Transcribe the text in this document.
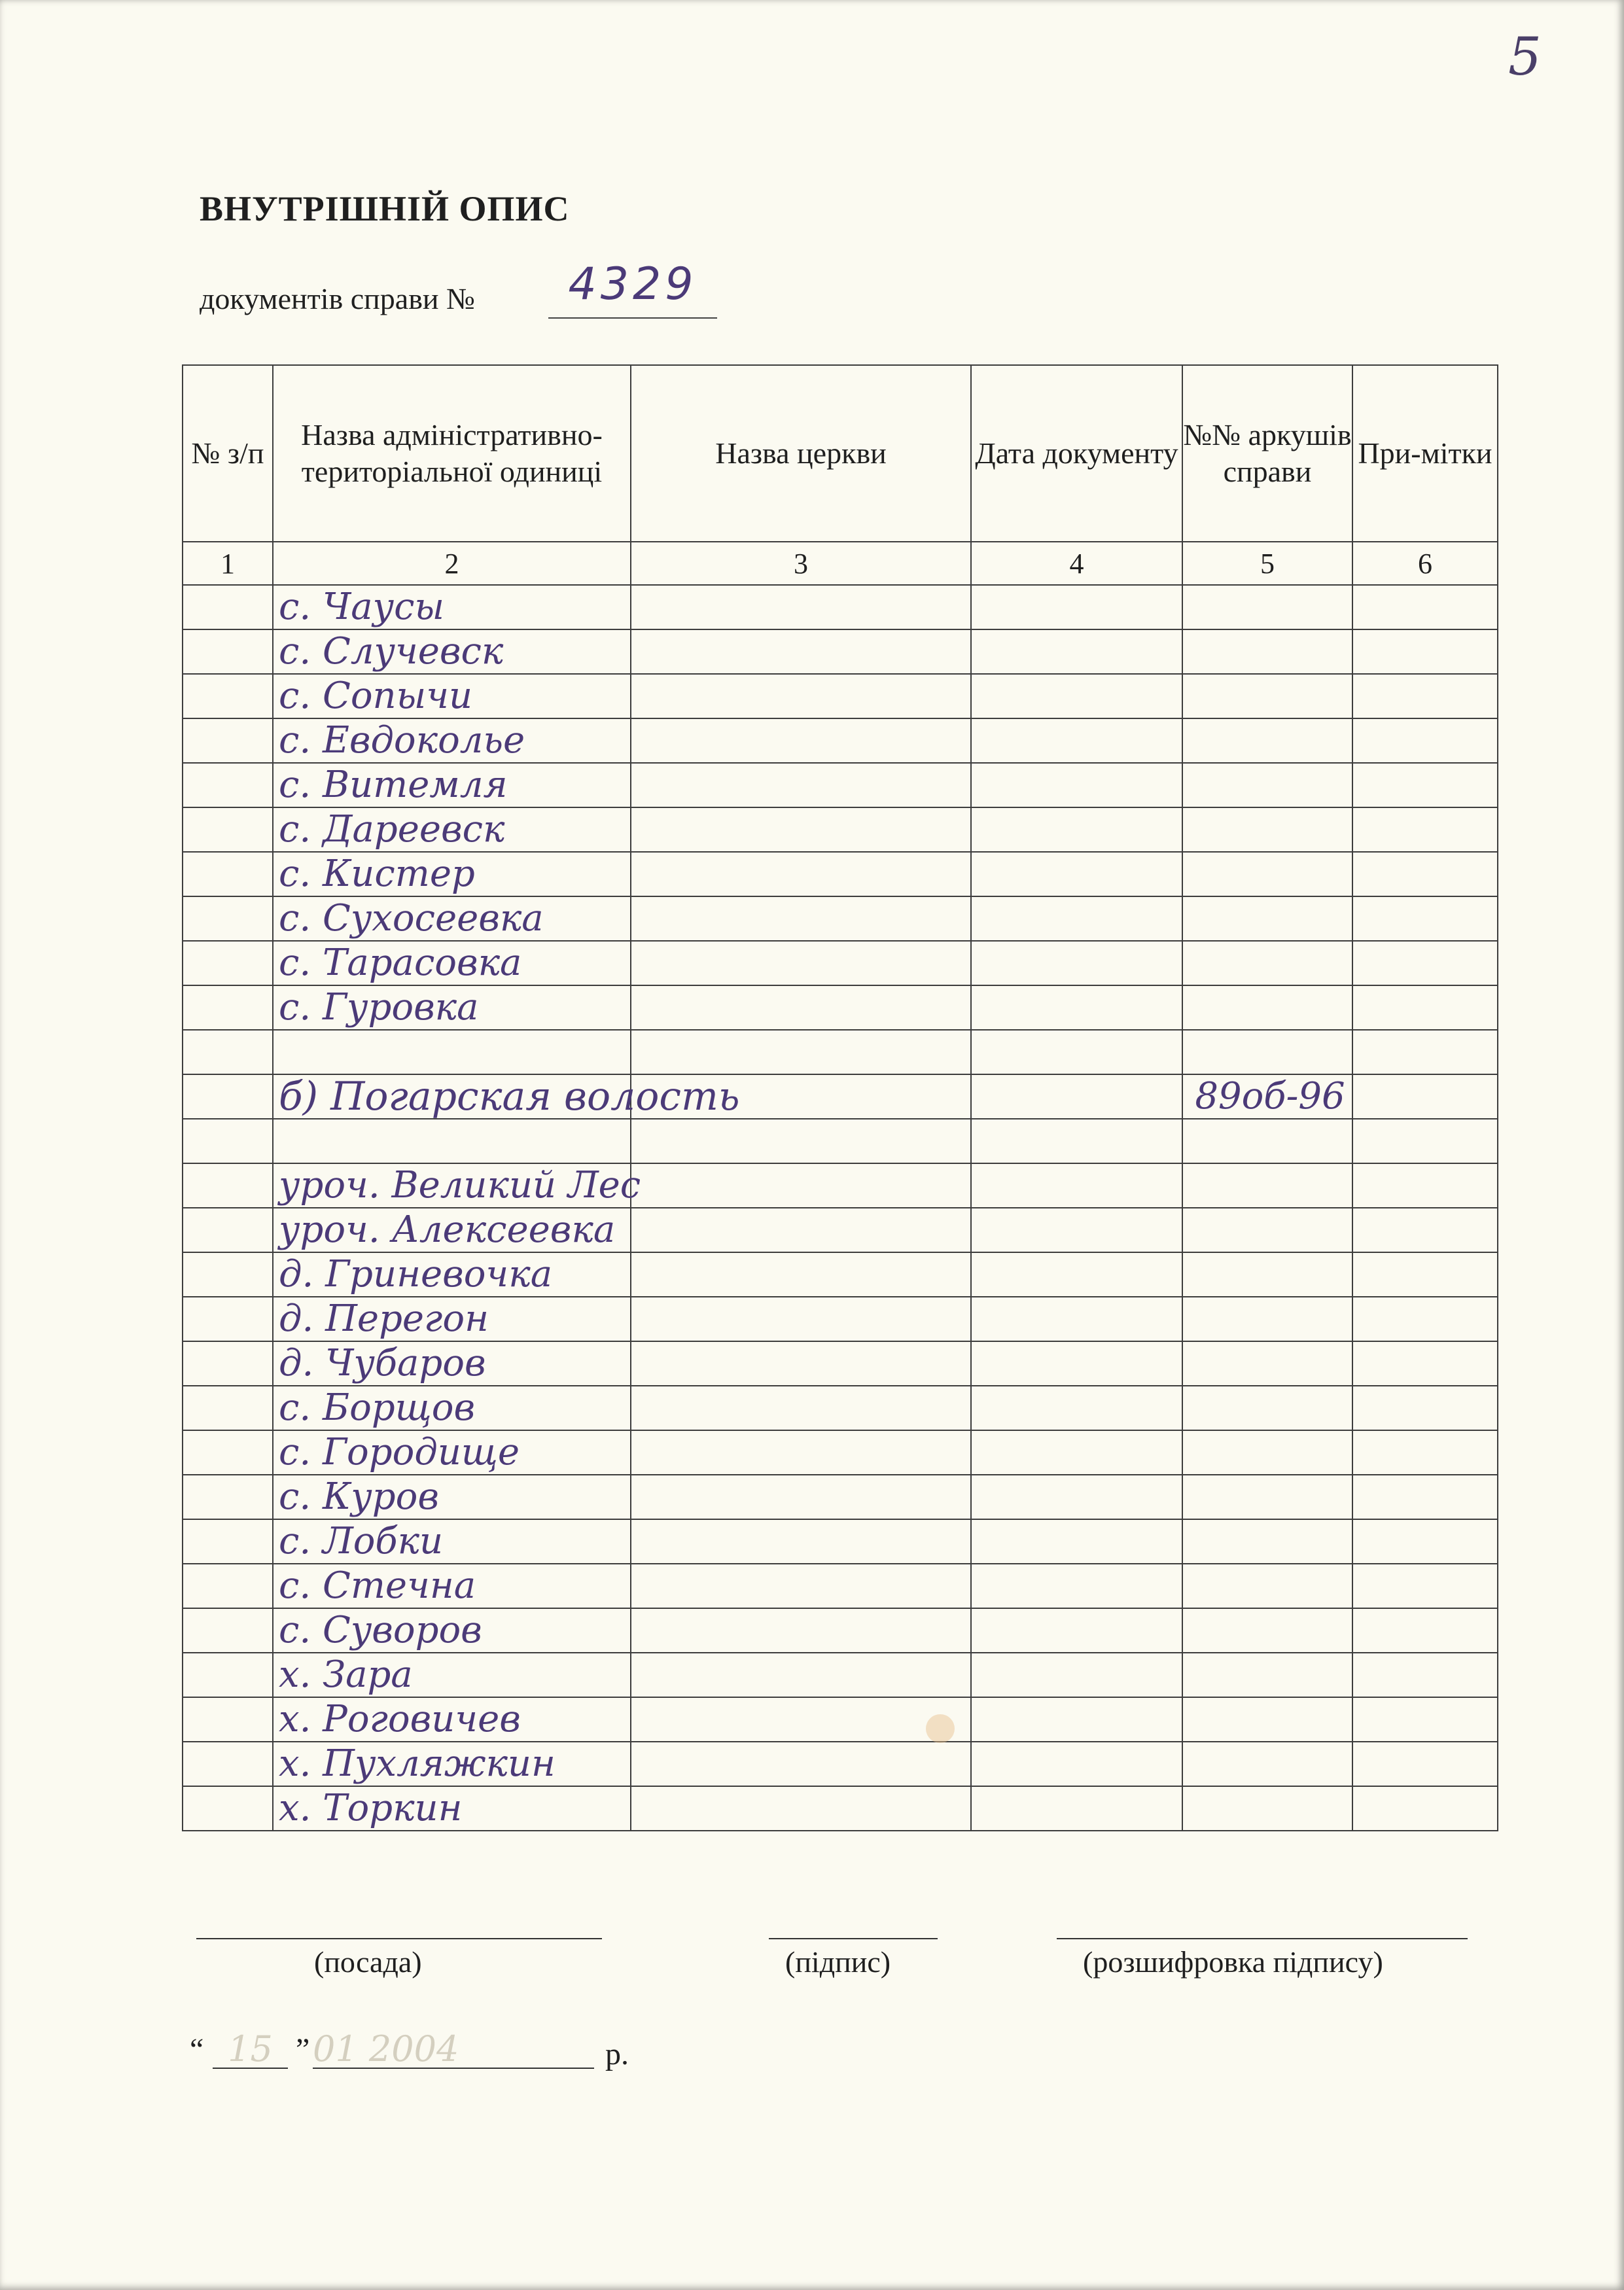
5
ВНУТРІШНІЙ ОПИС
документів справи №	4329
№ з/п	Назва адміністративно-територіальної одиниці	Назва церкви	Дата документу	№№ аркушів справи	При-мітки
1	2	3	4	5	6

	с. Чаусы				

	с. Случевск				

	с. Сопычи				

	с. Евдоколье				

	с. Витемля				

	с. Дареевск				

	с. Кистер				

	с. Сухосеевка				

	с. Тарасовка				

	с. Гуровка				

	б) Погарская волость			89об-96	

	уроч. Великий Лес				

	уроч. Алексеевка				

	д. Гриневочка				

	д. Перегон				

	д. Чубаров				

	с. Борщов				

	с. Городище				

	с. Куров				

	с. Лобки				

	с. Стечна				

	с. Суворов				

	х. Зара				

	х. Роговичев				

	х. Пухляжкин				

	х. Торкин				

(посада)	(підпис)	(розшифровка підпису)
“ 15 ” 01 2004	р.
